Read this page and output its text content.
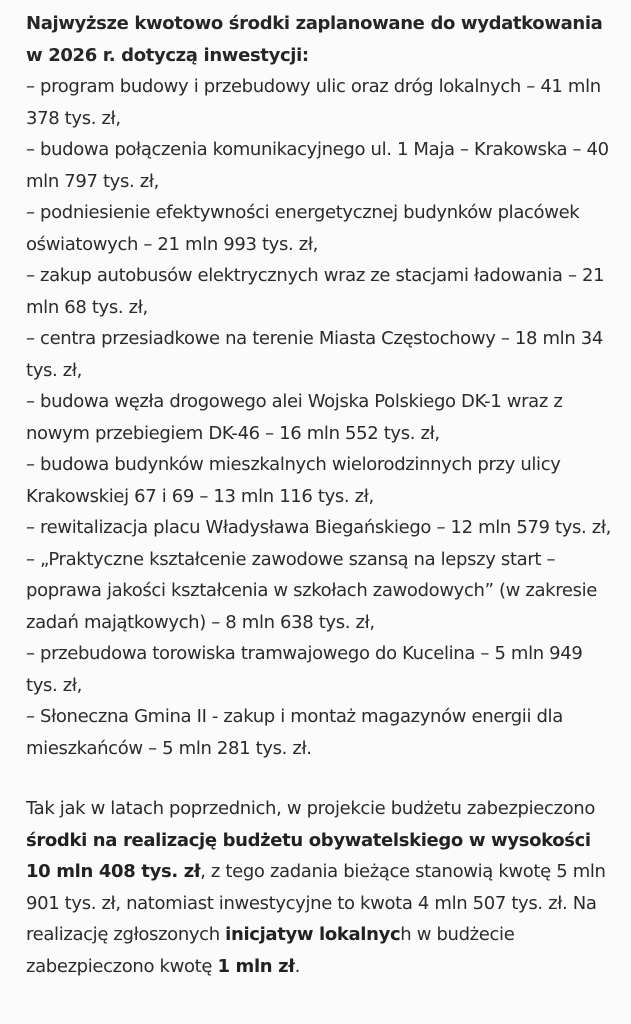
Najwyższe kwotowo środki zaplanowane do wydatkowania w 2026 r. dotyczą inwestycji:

– program budowy i przebudowy ulic oraz dróg lokalnych – 41 mln 378 tys. zł,
– budowa połączenia komunikacyjnego ul. 1 Maja – Krakowska – 40 mln 797 tys. zł,
– podniesienie efektywności energetycznej budynków placówek oświatowych – 21 mln 993 tys. zł,
– zakup autobusów elektrycznych wraz ze stacjami ładowania – 21 mln 68 tys. zł,
– centra przesiadkowe na terenie Miasta Częstochowy – 18 mln 34 tys. zł,
– budowa węzła drogowego alei Wojska Polskiego DK-1 wraz z nowym przebiegiem DK-46 – 16 mln 552 tys. zł,
– budowa budynków mieszkalnych wielorodzinnych przy ulicy Krakowskiej 67 i 69 – 13 mln 116 tys. zł,
– rewitalizacja placu Władysława Biegańskiego – 12 mln 579 tys. zł,
– „Praktyczne kształcenie zawodowe szansą na lepszy start – poprawa jakości kształcenia w szkołach zawodowych” (w zakresie zadań majątkowych) – 8 mln 638 tys. zł,
– przebudowa torowiska tramwajowego do Kucelina – 5 mln 949 tys. zł,
– Słoneczna Gmina II - zakup i montaż magazynów energii dla mieszkańców – 5 mln 281 tys. zł.

Tak jak w latach poprzednich, w projekcie budżetu zabezpieczono środki na realizację budżetu obywatelskiego w wysokości 10 mln 408 tys. zł, z tego zadania bieżące stanowią kwotę 5 mln 901 tys. zł, natomiast inwestycyjne to kwota 4 mln 507 tys. zł. Na realizację zgłoszonych inicjatyw lokalnych w budżecie zabezpieczono kwotę 1 mln zł.
